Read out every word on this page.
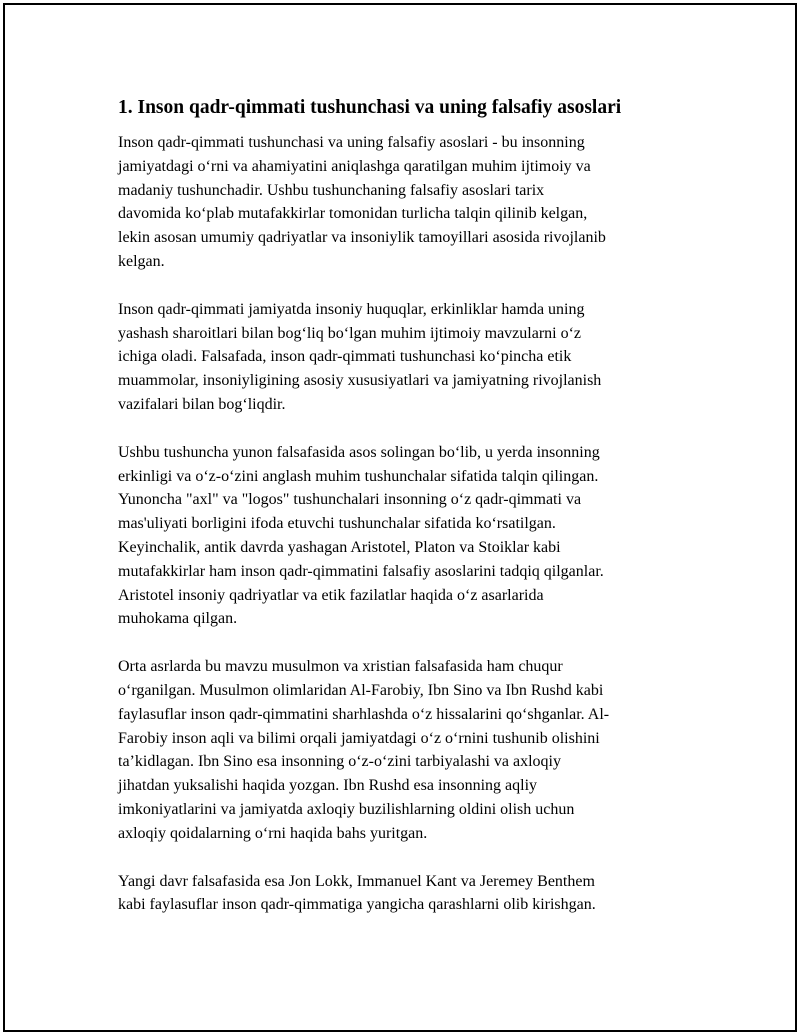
1. Inson qadr-qimmati tushunchasi va uning falsafiy asoslari

Inson qadr-qimmati tushunchasi va uning falsafiy asoslari - bu insonning
jamiyatdagi oʻrni va ahamiyatini aniqlashga qaratilgan muhim ijtimoiy va
madaniy tushunchadir. Ushbu tushunchaning falsafiy asoslari tarix
davomida koʻplab mutafakkirlar tomonidan turlicha talqin qilinib kelgan,
lekin asosan umumiy qadriyatlar va insoniylik tamoyillari asosida rivojlanib
kelgan.

Inson qadr-qimmati jamiyatda insoniy huquqlar, erkinliklar hamda uning
yashash sharoitlari bilan bogʻliq boʻlgan muhim ijtimoiy mavzularni oʻz
ichiga oladi. Falsafada, inson qadr-qimmati tushunchasi koʻpincha etik
muammolar, insoniyligining asosiy xususiyatlari va jamiyatning rivojlanish
vazifalari bilan bogʻliqdir.

Ushbu tushuncha yunon falsafasida asos solingan boʻlib, u yerda insonning
erkinligi va oʻz-oʻzini anglash muhim tushunchalar sifatida talqin qilingan.
Yunoncha "axl" va "logos" tushunchalari insonning oʻz qadr-qimmati va
mas'uliyati borligini ifoda etuvchi tushunchalar sifatida koʻrsatilgan.
Keyinchalik, antik davrda yashagan Aristotel, Platon va Stoiklar kabi
mutafakkirlar ham inson qadr-qimmatini falsafiy asoslarini tadqiq qilganlar.
Aristotel insoniy qadriyatlar va etik fazilatlar haqida oʻz asarlarida
muhokama qilgan.

Orta asrlarda bu mavzu musulmon va xristian falsafasida ham chuqur
oʻrganilgan. Musulmon olimlaridan Al-Farobiy, Ibn Sino va Ibn Rushd kabi
faylasuflar inson qadr-qimmatini sharhlashda oʻz hissalarini qoʻshganlar. Al-
Farobiy inson aqli va bilimi orqali jamiyatdagi oʻz oʻrnini tushunib olishini
ta’kidlagan. Ibn Sino esa insonning oʻz-oʻzini tarbiyalashi va axloqiy
jihatdan yuksalishi haqida yozgan. Ibn Rushd esa insonning aqliy
imkoniyatlarini va jamiyatda axloqiy buzilishlarning oldini olish uchun
axloqiy qoidalarning oʻrni haqida bahs yuritgan.

Yangi davr falsafasida esa Jon Lokk, Immanuel Kant va Jeremey Benthem
kabi faylasuflar inson qadr-qimmatiga yangicha qarashlarni olib kirishgan.
